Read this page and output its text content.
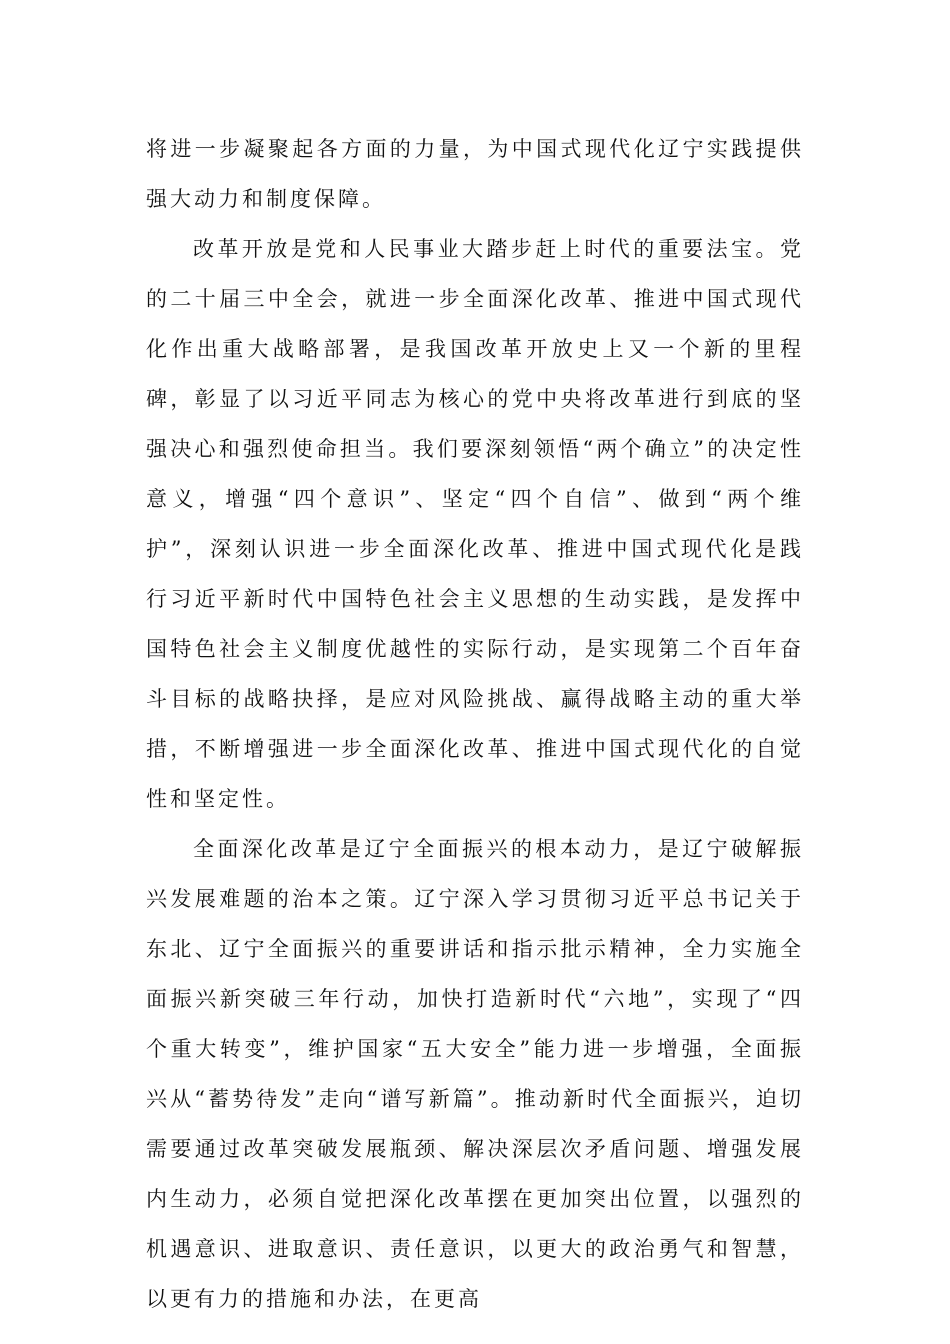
将进一步凝聚起各方面的力量，为中国式现代化辽宁实践提供强大动力和制度保障。

改革开放是党和人民事业大踏步赶上时代的重要法宝。党的二十届三中全会，就进一步全面深化改革、推进中国式现代化作出重大战略部署，是我国改革开放史上又一个新的里程碑，彰显了以习近平同志为核心的党中央将改革进行到底的坚强决心和强烈使命担当。我们要深刻领悟“两个确立”的决定性意义，增强“四个意识”、坚定“四个自信”、做到“两个维护”，深刻认识进一步全面深化改革、推进中国式现代化是践行习近平新时代中国特色社会主义思想的生动实践，是发挥中国特色社会主义制度优越性的实际行动，是实现第二个百年奋斗目标的战略抉择，是应对风险挑战、赢得战略主动的重大举措，不断增强进一步全面深化改革、推进中国式现代化的自觉性和坚定性。

全面深化改革是辽宁全面振兴的根本动力，是辽宁破解振兴发展难题的治本之策。辽宁深入学习贯彻习近平总书记关于东北、辽宁全面振兴的重要讲话和指示批示精神，全力实施全面振兴新突破三年行动，加快打造新时代“六地”，实现了“四个重大转变”，维护国家“五大安全”能力进一步增强，全面振兴从“蓄势待发”走向“谱写新篇”。推动新时代全面振兴，迫切需要通过改革突破发展瓶颈、解决深层次矛盾问题、增强发展内生动力，必须自觉把深化改革摆在更加突出位置，以强烈的机遇意识、进取意识、责任意识，以更大的政治勇气和智慧，以更有力的措施和办法，在更高
